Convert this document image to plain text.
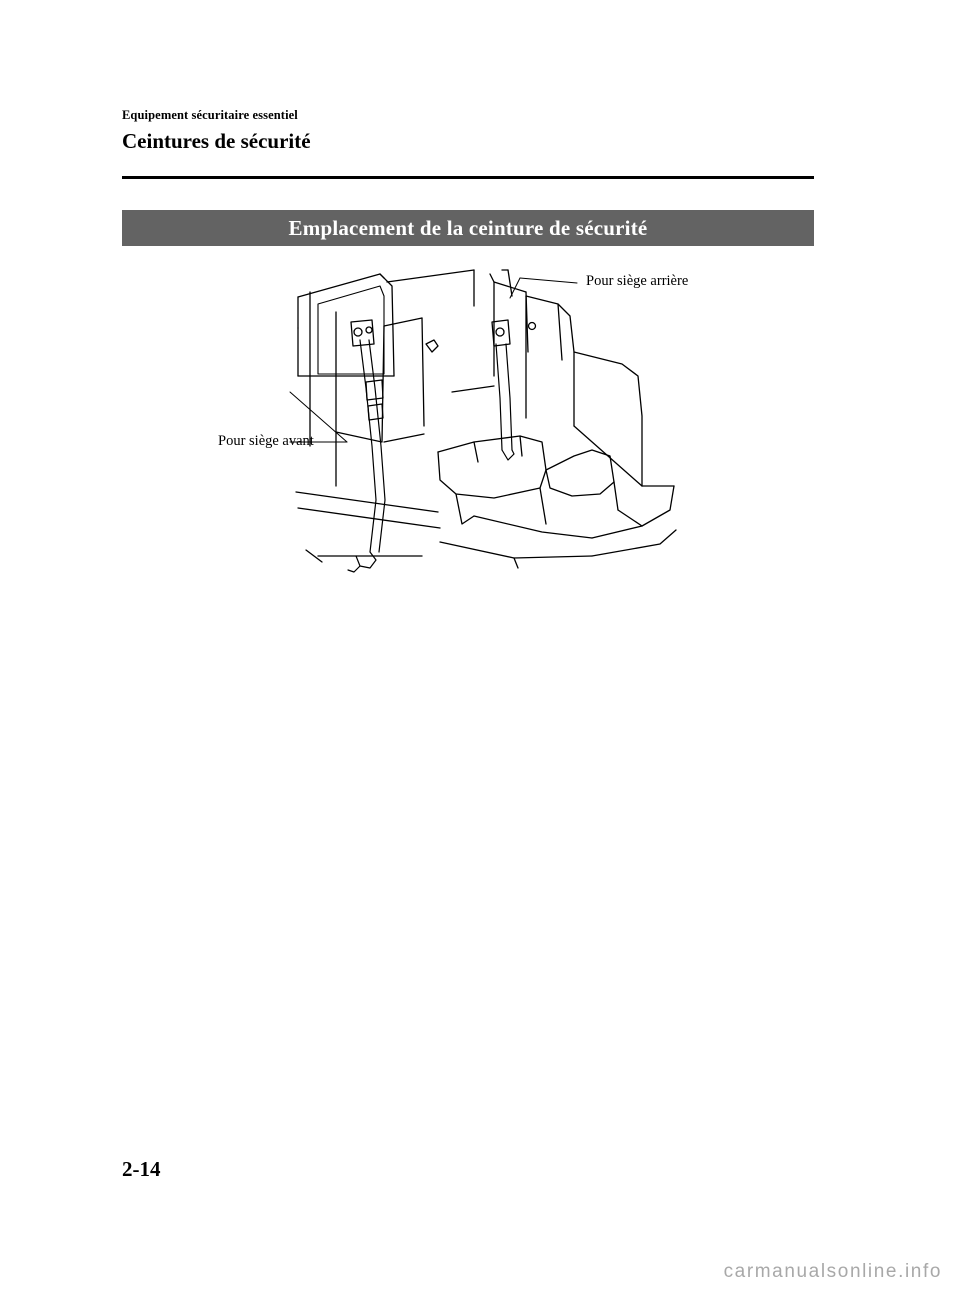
Equipement sécuritaire essentiel
Ceintures de sécurité
Emplacement de la ceinture de sécurité
Pour siège arrière
Pour siège avant
2-14
carmanualsonline.info
